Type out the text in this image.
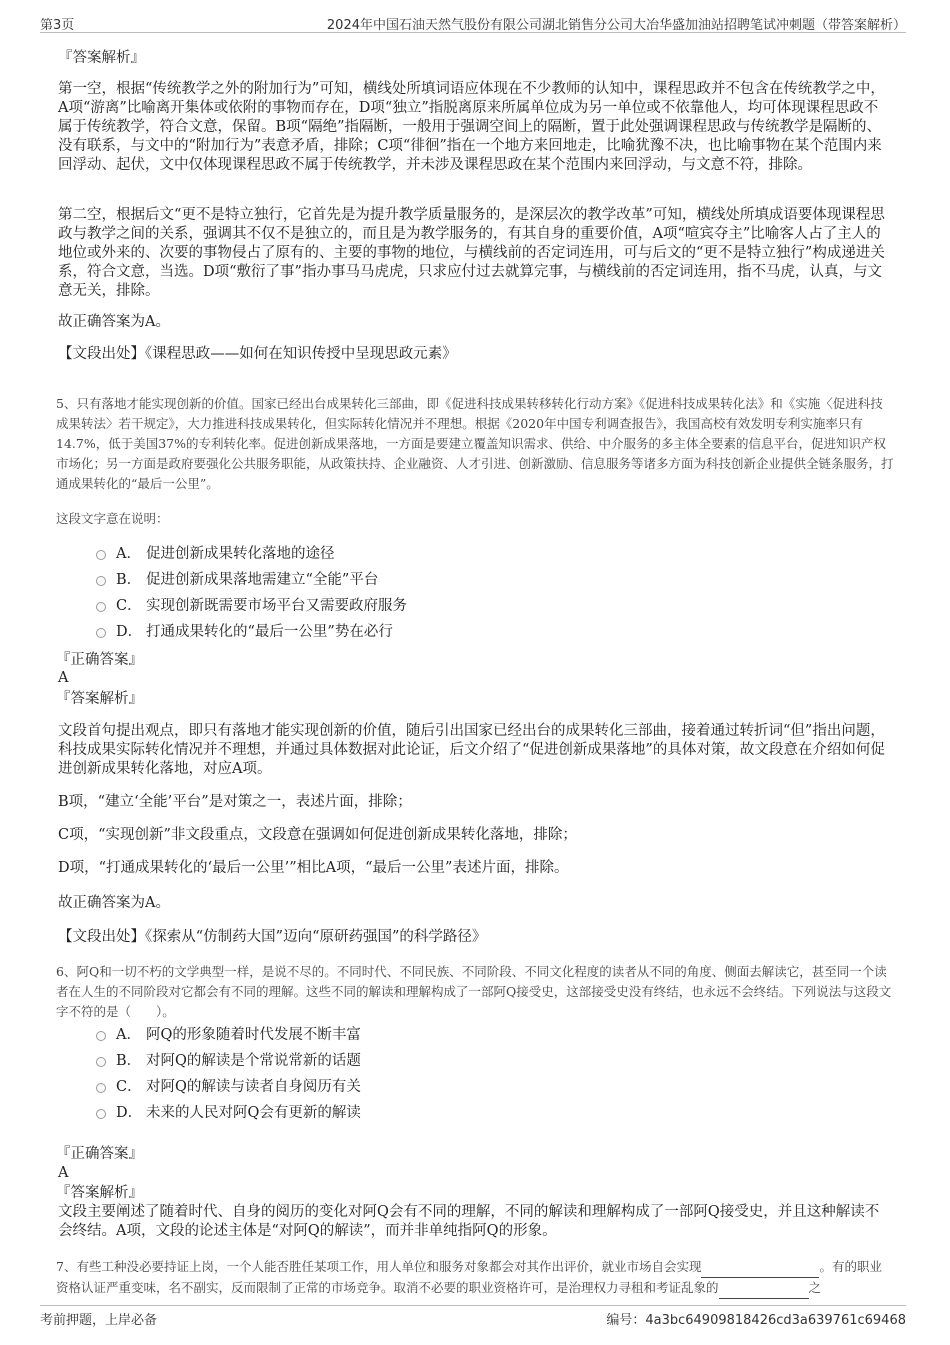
第3页	2024年中国石油天然气股份有限公司湖北销售分公司大冶华盛加油站招聘笔试冲刺题（带答案解析）
『答案解析』
第一空，根据“传统教学之外的附加行为”可知，横线处所填词语应体现在不少教师的认知中，课程思政并不包含在传统教学之中，A项“游离”比喻离开集体或依附的事物而存在，D项“独立”指脱离原来所属单位成为另一单位或不依靠他人，均可体现课程思政不属于传统教学，符合文意，保留。B项“隔绝”指隔断，一般用于强调空间上的隔断，置于此处强调课程思政与传统教学是隔断的、没有联系，与文中的“附加行为”表意矛盾，排除；C项“徘徊”指在一个地方来回地走，比喻犹豫不决，也比喻事物在某个范围内来回浮动、起伏，文中仅体现课程思政不属于传统教学，并未涉及课程思政在某个范围内来回浮动，与文意不符，排除。
第二空，根据后文“更不是特立独行，它首先是为提升教学质量服务的，是深层次的教学改革”可知，横线处所填成语要体现课程思政与教学之间的关系，强调其不仅不是独立的，而且是为教学服务的，有其自身的重要价值，A项“喧宾夺主”比喻客人占了主人的地位或外来的、次要的事物侵占了原有的、主要的事物的地位，与横线前的否定词连用，可与后文的“更不是特立独行”构成递进关系，符合文意，当选。D项“敷衍了事”指办事马马虎虎，只求应付过去就算完事，与横线前的否定词连用，指不马虎，认真，与文意无关，排除。
故正确答案为A。
【文段出处】《课程思政——如何在知识传授中呈现思政元素》
5、只有落地才能实现创新的价值。国家已经出台成果转化三部曲，即《促进科技成果转移转化行动方案》《促进科技成果转化法》和《实施〈促进科技成果转法〉若干规定》，大力推进科技成果转化，但实际转化情况并不理想。根据《2020年中国专利调查报告》，我国高校有效发明专利实施率只有14.7%，低于美国37%的专利转化率。促进创新成果落地，一方面是要建立覆盖知识需求、供给、中介服务的多主体全要素的信息平台，促进知识产权市场化；另一方面是政府要强化公共服务职能，从政策扶持、企业融资、人才引进、创新激励、信息服务等诸多方面为科技创新企业提供全链条服务，打通成果转化的“最后一公里”。
这段文字意在说明：
A． 促进创新成果转化落地的途径
B． 促进创新成果落地需建立“全能”平台
C． 实现创新既需要市场平台又需要政府服务
D． 打通成果转化的“最后一公里”势在必行
『正确答案』
A
『答案解析』
文段首句提出观点，即只有落地才能实现创新的价值，随后引出国家已经出台的成果转化三部曲，接着通过转折词“但”指出问题，科技成果实际转化情况并不理想，并通过具体数据对此论证，后文介绍了“促进创新成果落地”的具体对策，故文段意在介绍如何促进创新成果转化落地，对应A项。
B项，“建立‘全能’平台”是对策之一，表述片面，排除；
C项，“实现创新”非文段重点，文段意在强调如何促进创新成果转化落地，排除；
D项，“打通成果转化的‘最后一公里’”相比A项，“最后一公里”表述片面，排除。
故正确答案为A。
【文段出处】《探索从“仿制药大国”迈向“原研药强国”的科学路径》
6、阿Q和一切不朽的文学典型一样，是说不尽的。不同时代、不同民族、不同阶段、不同文化程度的读者从不同的角度、侧面去解读它，甚至同一个读者在人生的不同阶段对它都会有不同的理解。这些不同的解读和理解构成了一部阿Q接受史，这部接受史没有终结，也永远不会终结。下列说法与这段文字不符的是（　　）。
A． 阿Q的形象随着时代发展不断丰富
B． 对阿Q的解读是个常说常新的话题
C． 对阿Q的解读与读者自身阅历有关
D． 未来的人民对阿Q会有更新的解读
『正确答案』
A
『答案解析』
文段主要阐述了随着时代、自身的阅历的变化对阿Q会有不同的理解，不同的解读和理解构成了一部阿Q接受史，并且这种解读不会终结。A项，文段的论述主体是“对阿Q的解读”，而并非单纯指阿Q的形象。
7、有些工种没必要持证上岗，一个人能否胜任某项工作，用人单位和服务对象都会对其作出评价，就业市场自会实现	。有的职业资格认证严重变味，名不副实，反而限制了正常的市场竞争。取消不必要的职业资格许可，是治理权力寻租和考证乱象的	之
考前押题，上岸必备	编号：4a3bc64909818426cd3a639761c69468
